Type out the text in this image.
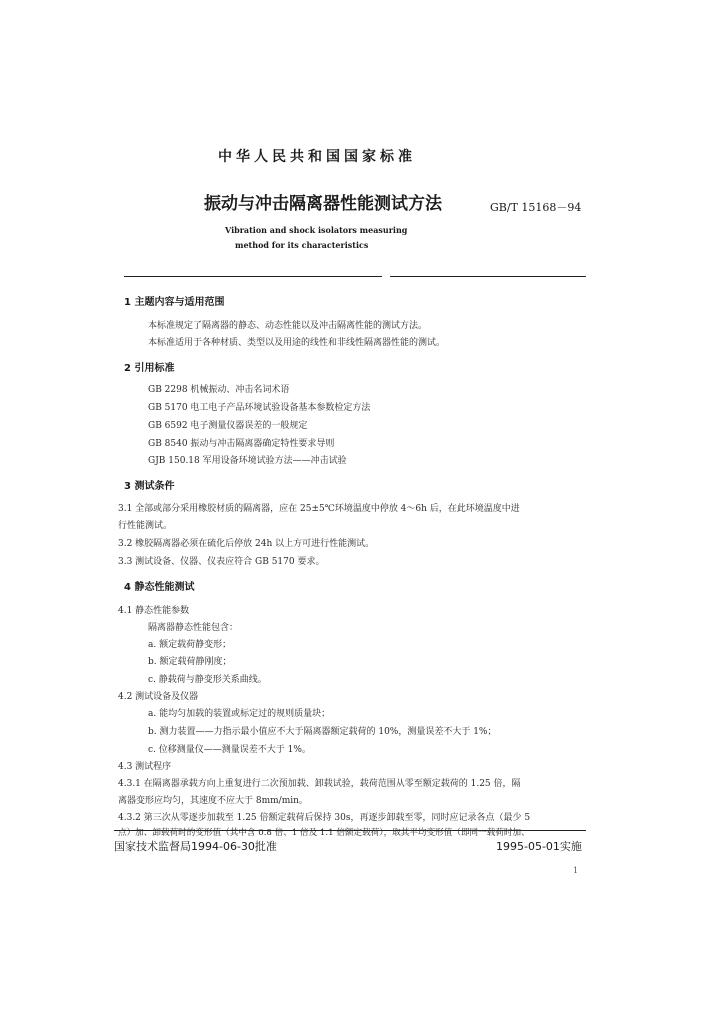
中华人民共和国国家标准
振动与冲击隔离器性能测试方法	GB/T 15168－94
Vibration and shock isolators measuring
method for its characteristics
1 主题内容与适用范围
本标准规定了隔离器的静态、动态性能以及冲击隔离性能的测试方法。
本标准适用于各种材质、类型以及用途的线性和非线性隔离器性能的测试。
2 引用标准
GB 2298 机械振动、冲击名词术语
GB 5170 电工电子产品环境试验设备基本参数检定方法
GB 6592 电子测量仪器误差的一般规定
GB 8540 振动与冲击隔离器确定特性要求导则
GJB 150.18 军用设备环境试验方法——冲击试验
3 测试条件
3.1 全部或部分采用橡胶材质的隔离器，应在 25±5℃环境温度中停放 4～6h 后，在此环境温度中进
行性能测试。
3.2 橡胶隔离器必须在硫化后停放 24h 以上方可进行性能测试。
3.3 测试设备、仪器、仪表应符合 GB 5170 要求。
4 静态性能测试
4.1 静态性能参数
隔离器静态性能包含：
a. 额定载荷静变形；
b. 额定载荷静刚度；
c. 静载荷与静变形关系曲线。
4.2 测试设备及仪器
a. 能均匀加载的装置或标定过的规则质量块；
b. 测力装置——力指示最小值应不大于隔离器额定载荷的 10%，测量误差不大于 1%；
c. 位移测量仪——测量误差不大于 1%。
4.3 测试程序
4.3.1 在隔离器承载方向上重复进行二次预加载、卸载试验，载荷范围从零至额定载荷的 1.25 倍，隔
离器变形应均匀，其速度不应大于 8mm/min。
4.3.2 第三次从零逐步加载至 1.25 倍额定载荷后保持 30s，再逐步卸载至零，同时应记录各点（最少 5
点）加、卸载荷时的变形值（其中含 0.8 倍、1 倍及 1.1 倍额定载荷），取其平均变形值（即同一载荷时加、
国家技术监督局1994-06-30批准	1995-05-01实施
1
